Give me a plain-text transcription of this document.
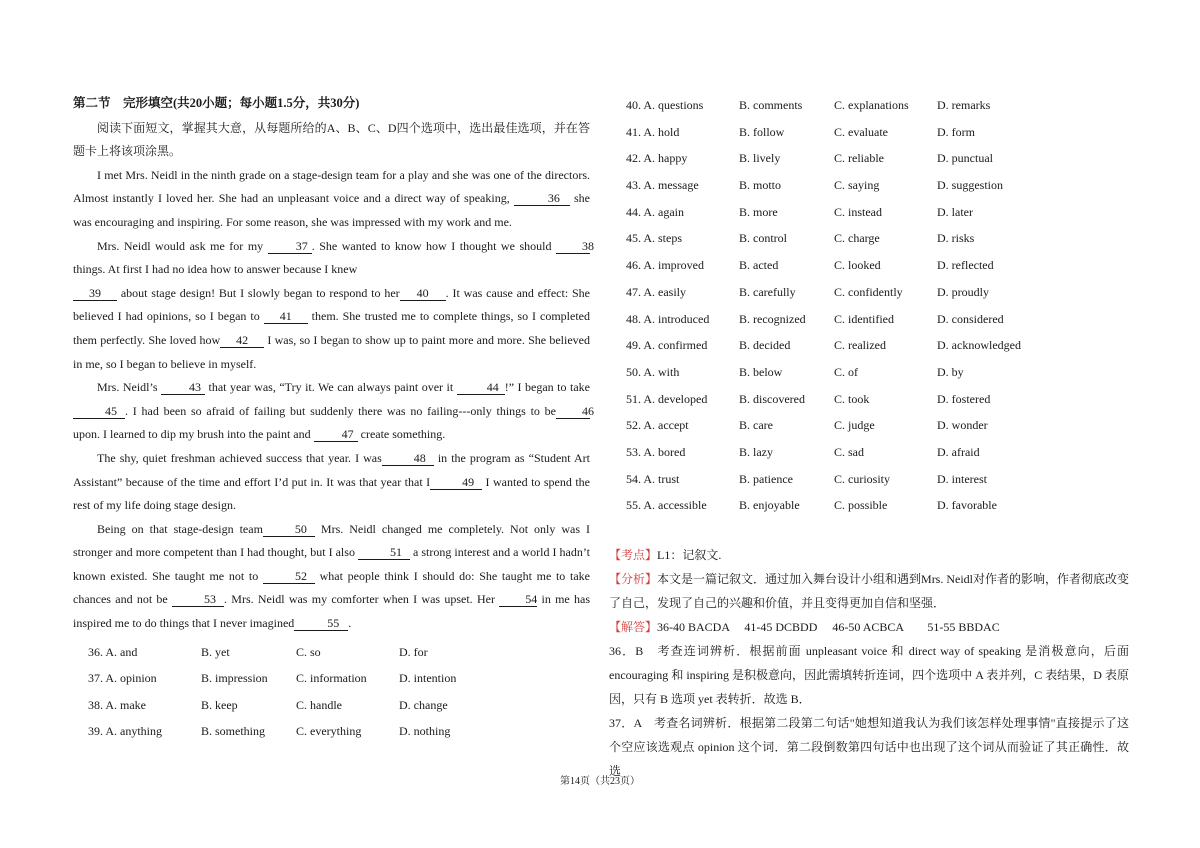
第二节　完形填空(共20小题；每小题1.5分，共30分)

阅读下面短文，掌握其大意，从每题所给的A、B、C、D四个选项中，选出最佳选项，并在答题卡上将该项涂黑。

I met Mrs. Neidl in the ninth grade on a stage-design team for a play and she was one of the directors. Almost instantly I loved her. She had an unpleasant voice and a direct way of speaking,	36 she was encouraging and inspiring. For some reason, she was impressed with my work and me.

Mrs. Neidl would ask me for my 37 . She wanted to know how I thought we should 38 things. At first I had no idea how to answer because I knew

39 about stage design! But I slowly began to respond to her 40 . It was cause and effect: She believed I had opinions, so I began to 41 them. She trusted me to complete things, so I completed them perfectly. She loved how 42 I was, so I began to show up to paint more and more. She believed in me, so I began to believe in myself.

Mrs. Neidl’s 43 that year was, “Try it. We can always paint over it	44 !” I began to take45 . I had been so afraid of failing but suddenly there was no failing---only things to be 46 upon. I learned to dip my brush into the paint and 47 create something.

The shy, quiet freshman achieved success that year. I was	48 in the program as “Student Art Assistant” because of the time and effort I’d put in. It was that year that I	49 I wanted to spend the rest of my life doing stage design.

Being on that stage-design team	50 Mrs. Neidl changed me completely. Not only was I stronger and more competent than I had thought, but I also	51 a strong interest and a world I hadn’t known existed. She taught me not to	52 what people think I should do: She taught me to take chances and not be	53 . Mrs. Neidl was my comforter when I was upset. Her 54 in me has inspired me to do things that I never imagined	55 .

36. A. and	B. yet	C. so	D. for
37. A. opinion	B. impression	C. information	D. intention
38. A. make	B. keep	C. handle	D. change
39. A. anything	B. something	C. everything	D. nothing
40. A. questions	B. comments	C. explanations	D. remarks
41. A. hold	B. follow	C. evaluate	D. form
42. A. happy	B. lively	C. reliable	D. punctual
43. A. message	B. motto	C. saying	D. suggestion
44. A. again	B. more	C. instead	D. later
45. A. steps	B. control	C. charge	D. risks
46. A. improved	B. acted	C. looked	D. reflected
47. A. easily	B. carefully	C. confidently	D. proudly
48. A. introduced	B. recognized	C. identified	D. considered
49. A. confirmed	B. decided	C. realized	D. acknowledged
50. A. with	B. below	C. of	D. by
51. A. developed	B. discovered	C. took	D. fostered
52. A. accept	B. care	C. judge	D. wonder
53. A. bored	B. lazy	C. sad	D. afraid
54. A. trust	B. patience	C. curiosity	D. interest
55. A. accessible	B. enjoyable	C. possible	D. favorable

【考点】L1：记叙文.

【分析】本文是一篇记叙文．通过加入舞台设计小组和遇到Mrs. Neidl对作者的影响，作者彻底改变了自己，发现了自己的兴趣和价值，并且变得更加自信和坚强．

【解答】36-40 BACDA　 41-45 DCBDD　 46-50 ACBCA　　51-55 BBDAC

36．B　考查连词辨析．根据前面 unpleasant voice 和 direct way of speaking 是消极意向，后面 encouraging 和 inspiring 是积极意向，因此需填转折连词，四个选项中 A 表并列，C 表结果，D 表原因，只有 B 选项 yet 表转折．故选 B．

37．A　考查名词辨析．根据第二段第二句话"她想知道我认为我们该怎样处理事情"直接提示了这个空应该选观点 opinion 这个词．第二段倒数第四句话中也出现了这个词从而验证了其正确性．故选

第14页（共23页）
